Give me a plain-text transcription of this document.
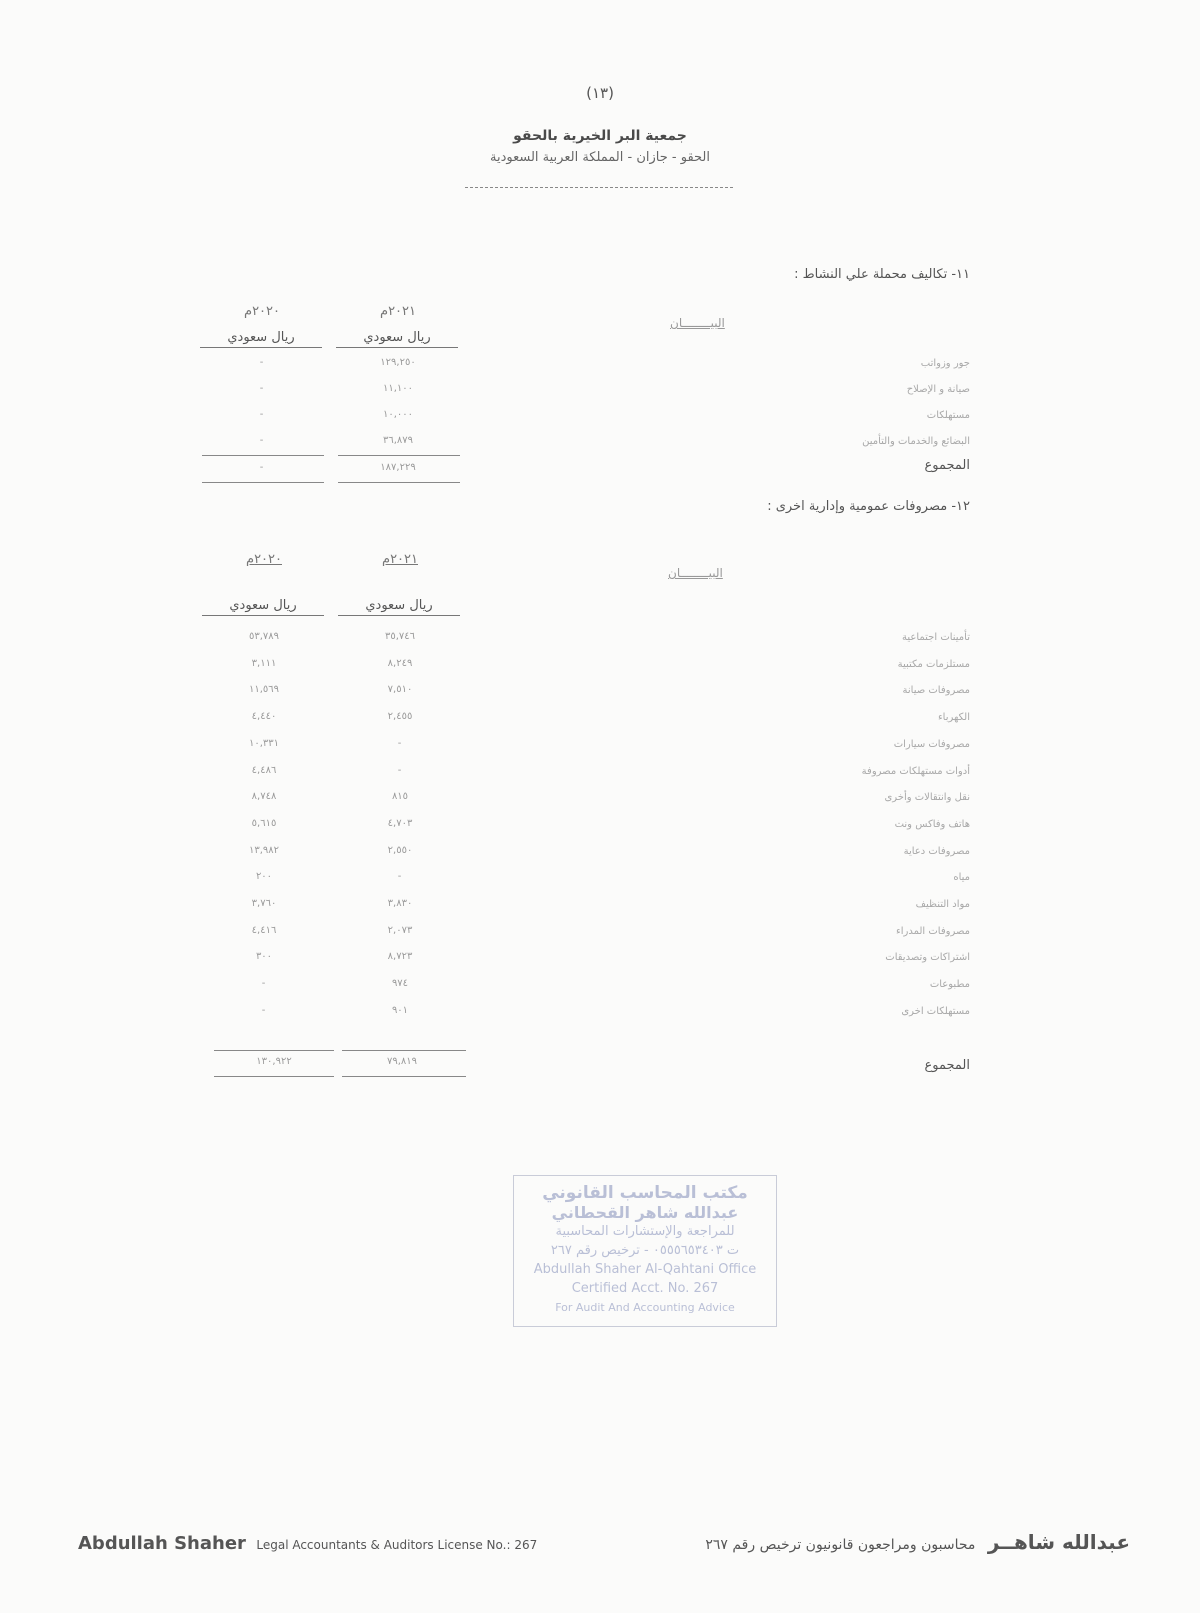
(١٣)
جمعية البر الخيرية بالحقو
الحقو - جازان - المملكة العربية السعودية
١١- تكاليف محملة علي النشاط :
٢٠٢١م
٢٠٢٠م
البيــــــــان
ريال سعودي
ريال سعودي
جور وزواتب
١٢٩,٢٥٠
-
صيانة و الإصلاح
١١,١٠٠
-
مستهلكات
١٠,٠٠٠
-
البضائع والخدمات والتأمين
٣٦,٨٧٩
-
المجموع
١٨٧,٢٢٩
-
١٢- مصروفات عمومية وإدارية اخرى :
٢٠٢١م
٢٠٢٠م
البيــــــــان
ريال سعودي
ريال سعودي
تأمينات اجتماعية
٣٥,٧٤٦
٥٣,٧٨٩
مستلزمات مكتبية
٨,٢٤٩
٣,١١١
مصروفات صيانة
٧,٥١٠
١١,٥٦٩
الكهرباء
٢,٤٥٥
٤,٤٤٠
مصروفات سيارات
-
١٠,٣٣١
أدوات مستهلكات مصروفة
-
٤,٤٨٦
نقل وانتقالات وأخرى
٨١٥
٨,٧٤٨
هاتف وفاكس ونت
٤,٧٠٣
٥,٦١٥
مصروفات دعاية
٢,٥٥٠
١٣,٩٨٢
مياه
-
٢٠٠
مواد التنظيف
٣,٨٣٠
٣,٧٦٠
مصروفات المدراء
٢,٠٧٣
٤,٤١٦
اشتراكات وتصديقات
٨,٧٢٣
٣٠٠
مطبوعات
٩٧٤
-
مستهلكات اخرى
٩٠١
-
المجموع
٧٩,٨١٩
١٣٠,٩٢٢
مكتب المحاسب القانوني
عبدالله شاهر القحطاني
للمراجعة والإستشارات المحاسبية
ت ٠٥٥٥٦٥٣٤٠٣ - ترخيص رقم ٢٦٧
Abdullah Shaher Al-Qahtani Office
Certified Acct. No. 267
For Audit And Accounting Advice
Abdullah Shaher Legal Accountants & Auditors License No.: 267	عبدالله شاهــر محاسبون ومراجعون قانونيون ترخيص رقم ٢٦٧
